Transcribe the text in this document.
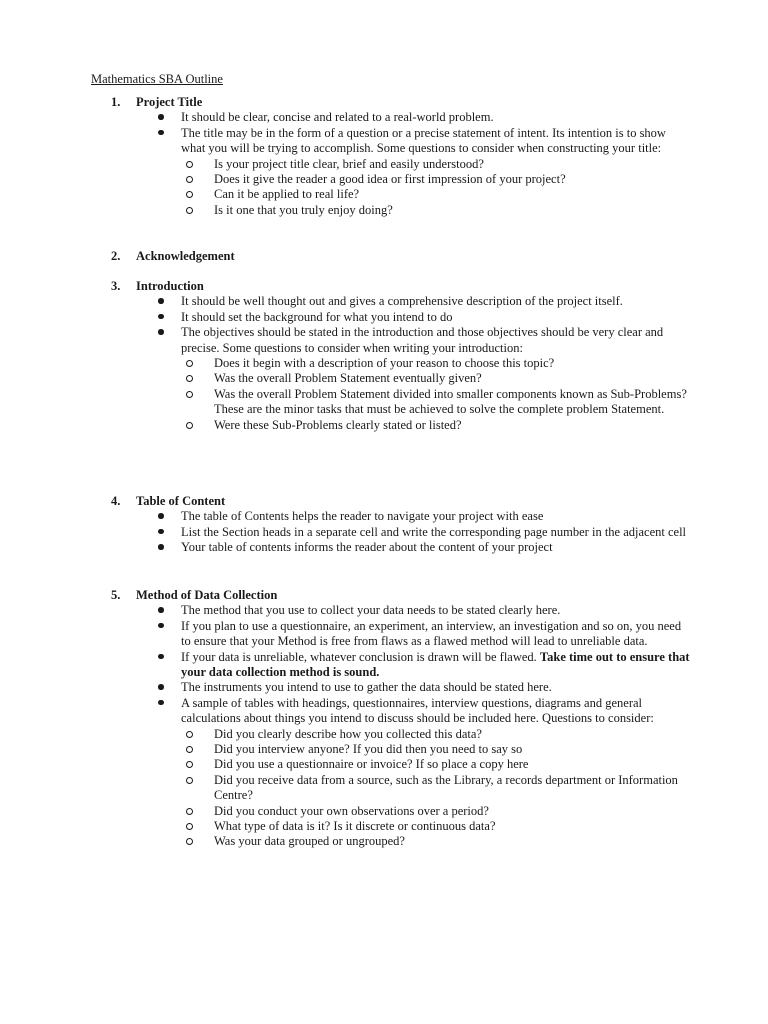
Mathematics SBA Outline
1. Project Title
It should be clear, concise and related to a real-world problem.
The title may be in the form of a question or a precise statement of intent. Its intention is to show what you will be trying to accomplish. Some questions to consider when constructing your title:
Is your project title clear, brief and easily understood?
Does it give the reader a good idea or first impression of your project?
Can it be applied to real life?
Is it one that you truly enjoy doing?
2. Acknowledgement
3. Introduction
It should be well thought out and gives a comprehensive description of the project itself.
It should set the background for what you intend to do
The objectives should be stated in the introduction and those objectives should be very clear and precise. Some questions to consider when writing your introduction:
Does it begin with a description of your reason to choose this topic?
Was the overall Problem Statement eventually given?
Was the overall Problem Statement divided into smaller components known as Sub-Problems? These are the minor tasks that must be achieved to solve the complete problem Statement.
Were these Sub-Problems clearly stated or listed?
4. Table of Content
The table of Contents helps the reader to navigate your project with ease
List the Section heads in a separate cell and write the corresponding page number in the adjacent cell
Your table of contents informs the reader about the content of your project
5. Method of Data Collection
The method that you use to collect your data needs to be stated clearly here.
If you plan to use a questionnaire, an experiment, an interview, an investigation and so on, you need to ensure that your Method is free from flaws as a flawed method will lead to unreliable data.
If your data is unreliable, whatever conclusion is drawn will be flawed. Take time out to ensure that your data collection method is sound.
The instruments you intend to use to gather the data should be stated here.
A sample of tables with headings, questionnaires, interview questions, diagrams and general calculations about things you intend to discuss should be included here. Questions to consider:
Did you clearly describe how you collected this data?
Did you interview anyone? If you did then you need to say so
Did you use a questionnaire or invoice? If so place a copy here
Did you receive data from a source, such as the Library, a records department or Information Centre?
Did you conduct your own observations over a period?
What type of data is it? Is it discrete or continuous data?
Was your data grouped or ungrouped?
